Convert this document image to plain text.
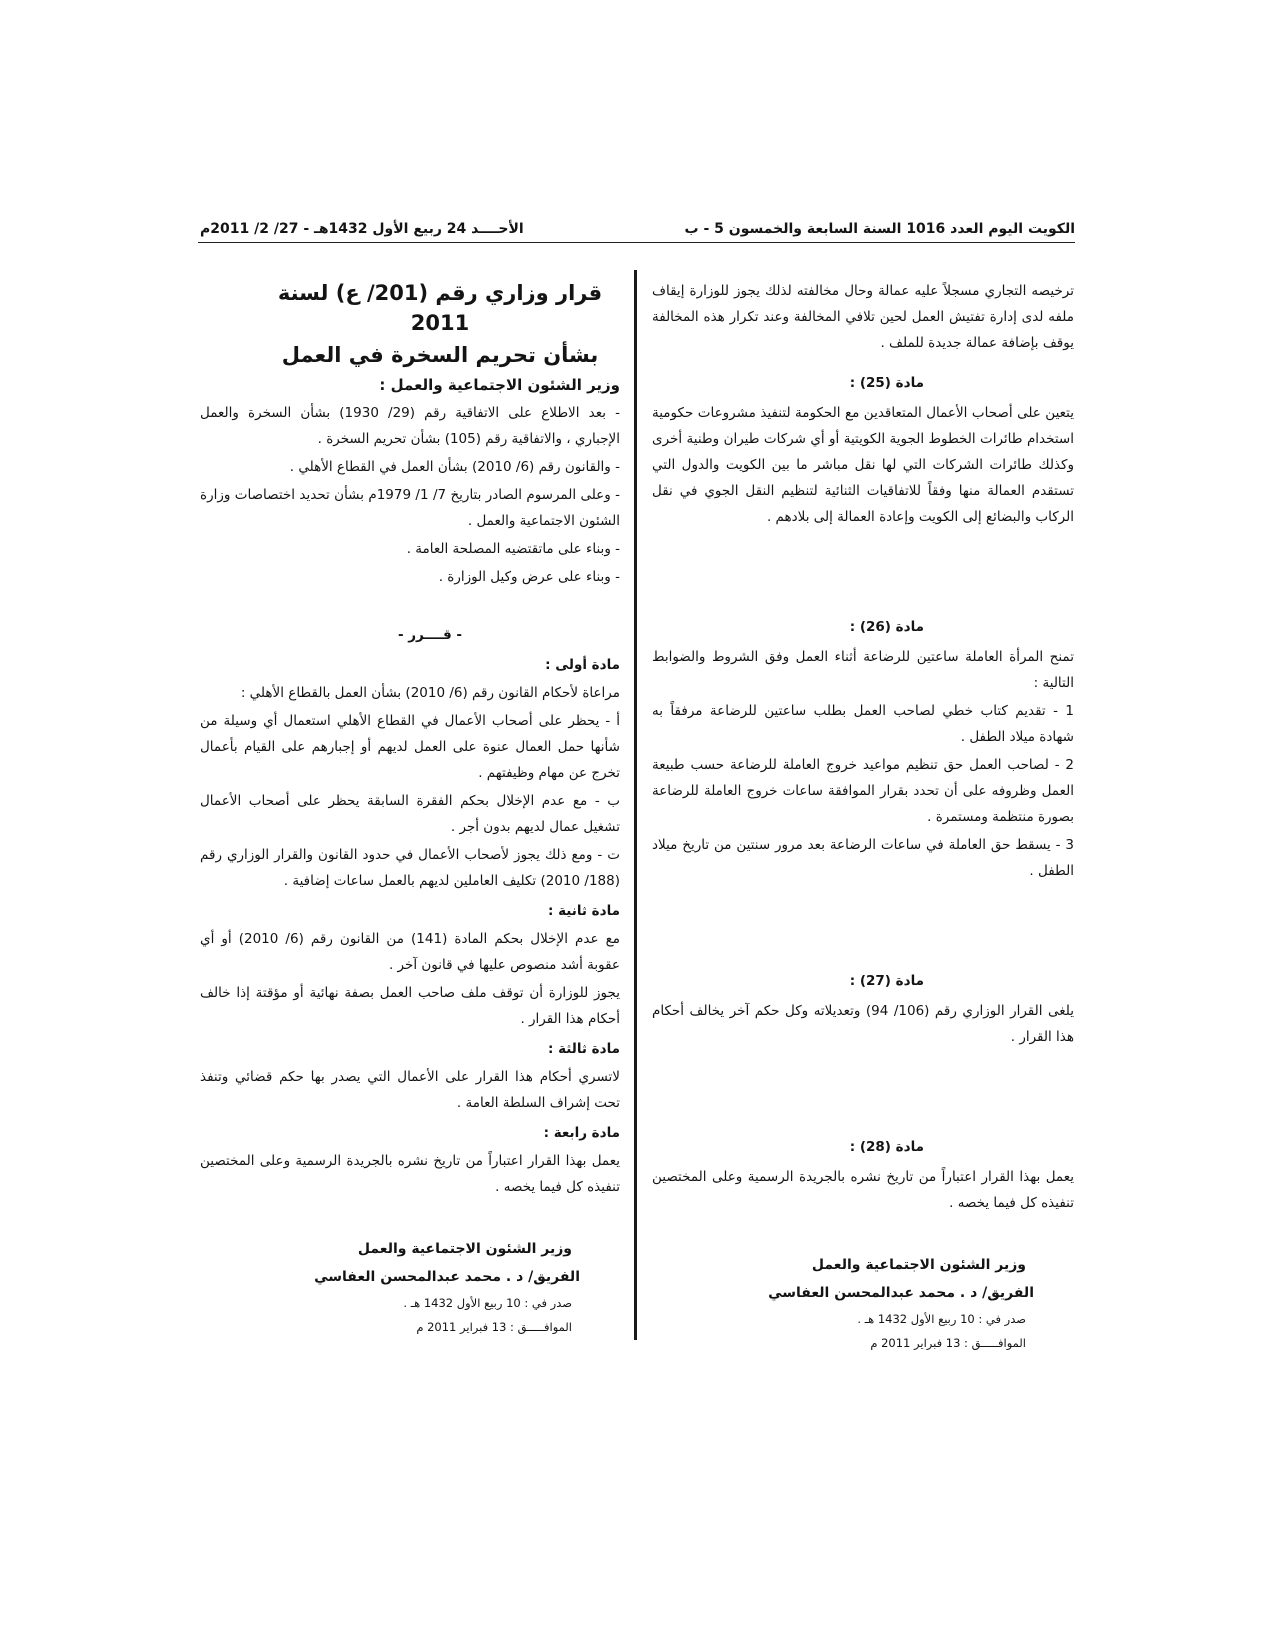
الكويت اليوم العدد 1016 السنة السابعة والخمسون 5 - ب
الأحــــد 24 ربيع الأول 1432هـ - 27/ 2/ 2011م

ترخيصه التجاري مسجلاً عليه عمالة وحال مخالفته لذلك يجوز للوزارة إيقاف ملفه لدى إدارة تفتيش العمل لحين تلافي المخالفة وعند تكرار هذه المخالفة يوقف بإضافة عمالة جديدة للملف .

مادة (25) :

يتعين على أصحاب الأعمال المتعاقدين مع الحكومة لتنفيذ مشروعات حكومية استخدام طائرات الخطوط الجوية الكويتية أو أي شركات طيران وطنية أخرى وكذلك طائرات الشركات التي لها نقل مباشر ما بين الكويت والدول التي تستقدم العمالة منها وفقاً للاتفاقيات الثنائية لتنظيم النقل الجوي في نقل الركاب والبضائع إلى الكويت وإعادة العمالة إلى بلادهم .

مادة (26) :

تمنح المرأة العاملة ساعتين للرضاعة أثناء العمل وفق الشروط والضوابط التالية :

1 - تقديم كتاب خطي لصاحب العمل بطلب ساعتين للرضاعة مرفقاً به شهادة ميلاد الطفل .

2 - لصاحب العمل حق تنظيم مواعيد خروج العاملة للرضاعة حسب طبيعة العمل وظروفه على أن تحدد بقرار الموافقة ساعات خروج العاملة للرضاعة بصورة منتظمة ومستمرة .

3 - يسقط حق العاملة في ساعات الرضاعة بعد مرور سنتين من تاريخ ميلاد الطفل .

مادة (27) :

يلغى القرار الوزاري رقم (106/ 94) وتعديلاته وكل حكم آخر يخالف أحكام هذا القرار .

مادة (28) :

يعمل بهذا القرار اعتباراً من تاريخ نشره بالجريدة الرسمية وعلى المختصين تنفيذه كل فيما يخصه .

وزير الشئون الاجتماعية والعمل

الفريق/ د . محمد عبدالمحسن العفاسي

صدر في : 10 ربيع الأول 1432 هـ .

الموافـــــق : 13 فبراير 2011 م

قرار وزاري رقم (201/ ع) لسنة 2011

بشأن تحريم السخرة في العمل

وزير الشئون الاجتماعية والعمل :

- بعد الاطلاع على الاتفاقية رقم (29/ 1930) بشأن السخرة والعمل الإجباري ، والاتفاقية رقم (105) بشأن تحريم السخرة .

- والقانون رقم (6/ 2010) بشأن العمل في القطاع الأهلي .

- وعلى المرسوم الصادر بتاريخ 7/ 1/ 1979م بشأن تحديد اختصاصات وزارة الشئون الاجتماعية والعمل .

- وبناء على ماتقتضيه المصلحة العامة .

- وبناء على عرض وكيل الوزارة .

- قــــرر -

مادة أولى :

مراعاة لأحكام القانون رقم (6/ 2010) بشأن العمل بالقطاع الأهلي :

أ - يحظر على أصحاب الأعمال في القطاع الأهلي استعمال أي وسيلة من شأنها حمل العمال عنوة على العمل لديهم أو إجبارهم على القيام بأعمال تخرج عن مهام وظيفتهم .

ب - مع عدم الإخلال بحكم الفقرة السابقة يحظر على أصحاب الأعمال تشغيل عمال لديهم بدون أجر .

ت - ومع ذلك يجوز لأصحاب الأعمال في حدود القانون والقرار الوزاري رقم (188/ 2010) تكليف العاملين لديهم بالعمل ساعات إضافية .

مادة ثانية :

مع عدم الإخلال بحكم المادة (141) من القانون رقم (6/ 2010) أو أي عقوبة أشد منصوص عليها في قانون آخر .

يجوز للوزارة أن توقف ملف صاحب العمل بصفة نهائية أو مؤقتة إذا خالف أحكام هذا القرار .

مادة ثالثة :

لاتسري أحكام هذا القرار على الأعمال التي يصدر بها حكم قضائي وتنفذ تحت إشراف السلطة العامة .

مادة رابعة :

يعمل بهذا القرار اعتباراً من تاريخ نشره بالجريدة الرسمية وعلى المختصين تنفيذه كل فيما يخصه .

وزير الشئون الاجتماعية والعمل

الفريق/ د . محمد عبدالمحسن العفاسي

صدر في : 10 ربيع الأول 1432 هـ .

الموافـــــق : 13 فبراير 2011 م
